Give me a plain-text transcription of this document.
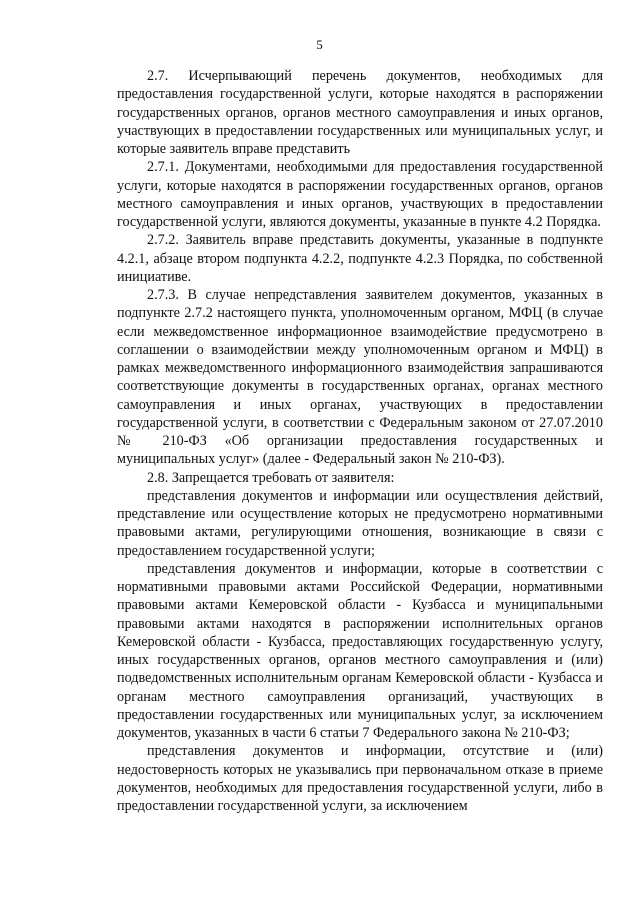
5

2.7. Исчерпывающий перечень документов, необходимых для предоставления государственной услуги, которые находятся в распоряжении государственных органов, органов местного самоуправления и иных органов, участвующих в предоставлении государственных или муниципальных услуг, и которые заявитель вправе представить

2.7.1. Документами, необходимыми для предоставления государственной услуги, которые находятся в распоряжении государственных органов, органов местного самоуправления и иных органов, участвующих в предоставлении государственной услуги, являются документы, указанные в пункте 4.2 Порядка.

2.7.2. Заявитель вправе представить документы, указанные в подпункте 4.2.1, абзаце втором подпункта 4.2.2, подпункте 4.2.3 Порядка, по собственной инициативе.

2.7.3. В случае непредставления заявителем документов, указанных в подпункте 2.7.2 настоящего пункта, уполномоченным органом, МФЦ (в случае если межведомственное информационное взаимодействие предусмотрено в соглашении о взаимодействии между уполномоченным органом и МФЦ) в рамках межведомственного информационного взаимодействия запрашиваются соответствующие документы в государственных органах, органах местного самоуправления и иных органах, участвующих в предоставлении государственной услуги, в соответствии с Федеральным законом от 27.07.2010 № 210-ФЗ «Об организации предоставления государственных и муниципальных услуг» (далее - Федеральный закон № 210-ФЗ).

2.8. Запрещается требовать от заявителя:

представления документов и информации или осуществления действий, представление или осуществление которых не предусмотрено нормативными правовыми актами, регулирующими отношения, возникающие в связи с предоставлением государственной услуги;

представления документов и информации, которые в соответствии с нормативными правовыми актами Российской Федерации, нормативными правовыми актами Кемеровской области - Кузбасса и муниципальными правовыми актами находятся в распоряжении исполнительных органов Кемеровской области - Кузбасса, предоставляющих государственную услугу, иных государственных органов, органов местного самоуправления и (или) подведомственных исполнительным органам Кемеровской области - Кузбасса и органам местного самоуправления организаций, участвующих в предоставлении государственных или муниципальных услуг, за исключением документов, указанных в части 6 статьи 7 Федерального закона № 210-ФЗ;

представления документов и информации, отсутствие и (или) недостоверность которых не указывались при первоначальном отказе в приеме документов, необходимых для предоставления государственной услуги, либо в предоставлении государственной услуги, за исключением
